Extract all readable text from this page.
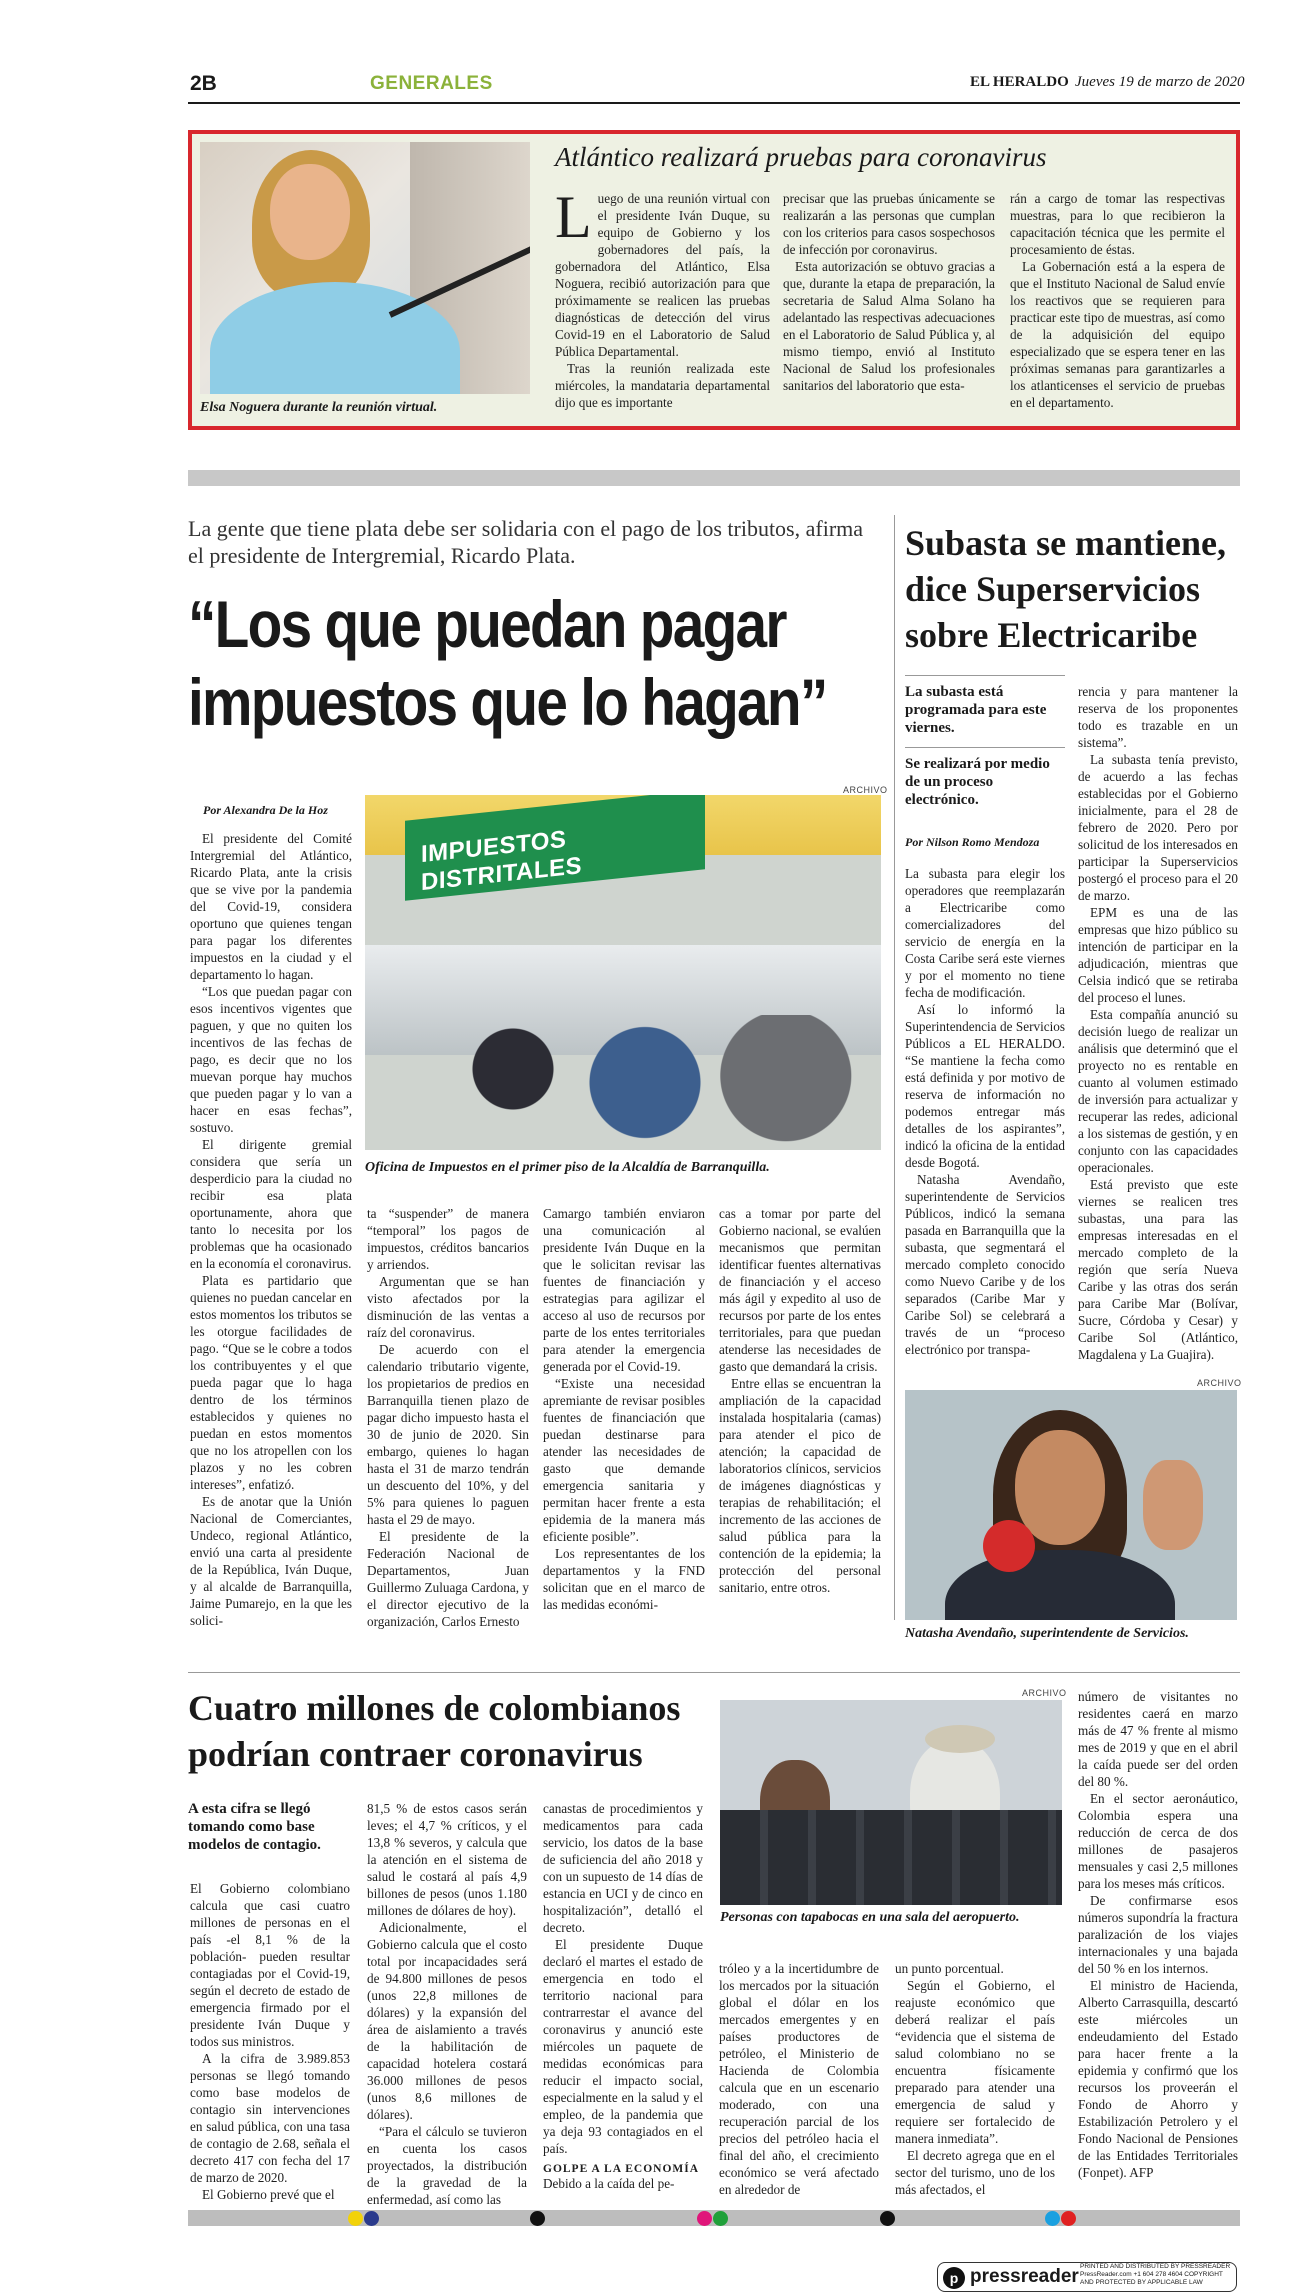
2B	GENERALES	EL HERALDO Jueves 19 de marzo de 2020
Elsa Noguera durante la reunión virtual.
Atlántico realizará pruebas para coronavirus
L uego de una reunión virtual con el presidente Iván Duque, su equipo de Gobierno y los gobernadores del país, la gobernadora del Atlántico, Elsa Noguera, recibió autorización para que próximamente se realicen las pruebas diagnósticas de detección del virus Covid-19 en el Laboratorio de Salud Pública Departamental.

Tras la reunión realizada este miércoles, la mandataria departamental dijo que es importante

precisar que las pruebas únicamente se realizarán a las personas que cumplan con los criterios para casos sospechosos de infección por coronavirus.

Esta autorización se obtuvo gracias a que, durante la etapa de preparación, la secretaria de Salud Alma Solano ha adelantado las respectivas adecuaciones en el Laboratorio de Salud Pública y, al mismo tiempo, envió al Instituto Nacional de Salud los profesionales sanitarios del laboratorio que esta-

rán a cargo de tomar las respectivas muestras, para lo que recibieron la capacitación técnica que les permite el procesamiento de éstas.

La Gobernación está a la espera de que el Instituto Nacional de Salud envíe los reactivos que se requieren para practicar este tipo de muestras, así como de la adquisición del equipo especializado que se espera tener en las próximas semanas para garantizarles a los atlanticenses el servicio de pruebas en el departamento.

La gente que tiene plata debe ser solidaria con el pago de los tributos, afirma el presidente de Intergremial, Ricardo Plata.
“Los que puedan pagar
impuestos que lo hagan”
ARCHIVO
Por Alexandra De la Hoz
IMPUESTOS DISTRITALES
Oficina de Impuestos en el primer piso de la Alcaldía de Barranquilla.

El presidente del Comité Intergremial del Atlántico, Ricardo Plata, ante la crisis que se vive por la pandemia del Covid-19, considera oportuno que quienes tengan para pagar los diferentes impuestos en la ciudad y el departamento lo hagan.

“Los que puedan pagar con esos incentivos vigentes que paguen, y que no quiten los incentivos de las fechas de pago, es decir que no los muevan porque hay muchos que pueden pagar y lo van a hacer en esas fechas”, sostuvo.

El dirigente gremial considera que sería un desperdicio para la ciudad no recibir esa plata oportunamente, ahora que tanto lo necesita por los problemas que ha ocasionado en la economía el coronavirus.

Plata es partidario que quienes no puedan cancelar en estos momentos los tributos se les otorgue facilidades de pago. “Que se le cobre a todos los contribuyentes y el que pueda pagar que lo haga dentro de los términos establecidos y quienes no puedan en estos momentos que no los atropellen con los plazos y no les cobren intereses”, enfatizó.

Es de anotar que la Unión Nacional de Comerciantes, Undeco, regional Atlántico, envió una carta al presidente de la República, Iván Duque, y al alcalde de Barranquilla, Jaime Pumarejo, en la que les solici-

ta “suspender” de manera “temporal” los pagos de impuestos, créditos bancarios y arriendos.

Argumentan que se han visto afectados por la disminución de las ventas a raíz del coronavirus.

De acuerdo con el calendario tributario vigente, los propietarios de predios en Barranquilla tienen plazo de pagar dicho impuesto hasta el 30 de junio de 2020. Sin embargo, quienes lo hagan hasta el 31 de marzo tendrán un descuento del 10%, y del 5% para quienes lo paguen hasta el 29 de mayo.

El presidente de la Federación Nacional de Departamentos, Juan Guillermo Zuluaga Cardona, y el director ejecutivo de la organización, Carlos Ernesto

Camargo también enviaron una comunicación al presidente Iván Duque en la que le solicitan revisar las fuentes de financiación y estrategias para agilizar el acceso al uso de recursos por parte de los entes territoriales para atender la emergencia generada por el Covid-19.

“Existe una necesidad apremiante de revisar posibles fuentes de financiación que puedan destinarse para atender las necesidades de gasto que demande emergencia sanitaria y permitan hacer frente a esta epidemia de la manera más eficiente posible”.

Los representantes de los departamentos y la FND solicitan que en el marco de las medidas económi-

cas a tomar por parte del Gobierno nacional, se evalúen mecanismos que permitan identificar fuentes alternativas de financiación y el acceso más ágil y expedito al uso de recursos por parte de los entes territoriales, para que puedan atenderse las necesidades de gasto que demandará la crisis.

Entre ellas se encuentran la ampliación de la capacidad instalada hospitalaria (camas) para atender el pico de atención; la capacidad de laboratorios clínicos, servicios de imágenes diagnósticas y terapias de rehabilitación; el incremento de las acciones de salud pública para la contención de la epidemia; la protección del personal sanitario, entre otros.

Subasta se mantiene, dice Superservicios sobre Electricaribe
La subasta está programada para este viernes.
Se realizará por medio de un proceso electrónico.
Por Nilson Romo Mendoza

La subasta para elegir los operadores que reemplazarán a Electricaribe como comercializadores del servicio de energía en la Costa Caribe será este viernes y por el momento no tiene fecha de modificación.

Así lo informó la Superintendencia de Servicios Públicos a EL HERALDO. “Se mantiene la fecha como está definida y por motivo de reserva de información no podemos entregar más detalles de los aspirantes”, indicó la oficina de la entidad desde Bogotá.

Natasha Avendaño, superintendente de Servicios Públicos, indicó la semana pasada en Barranquilla que la subasta, que segmentará el mercado completo conocido como Nuevo Caribe y de los separados (Caribe Mar y Caribe Sol) se celebrará a través de un “proceso electrónico por transpa-

rencia y para mantener la reserva de los proponentes todo es trazable en un sistema”.

La subasta tenía previsto, de acuerdo a las fechas establecidas por el Gobierno inicialmente, para el 28 de febrero de 2020. Pero por solicitud de los interesados en participar la Superservicios postergó el proceso para el 20 de marzo.

EPM es una de las empresas que hizo público su intención de participar en la adjudicación, mientras que Celsia indicó que se retiraba del proceso el lunes.

Esta compañía anunció su decisión luego de realizar un análisis que determinó que el proyecto no es rentable en cuanto al volumen estimado de inversión para actualizar y recuperar las redes, adicional a los sistemas de gestión, y en conjunto con las capacidades operacionales.

Está previsto que este viernes se realicen tres subastas, una para las empresas interesadas en el mercado completo de la región que sería Nueva Caribe y las otras dos serán para Caribe Mar (Bolívar, Sucre, Córdoba y Cesar) y Caribe Sol (Atlántico, Magdalena y La Guajira).

ARCHIVO
Natasha Avendaño, superintendente de Servicios.
Cuatro millones de colombianos podrían contraer coronavirus
A esta cifra se llegó tomando como base modelos de contagio.
ARCHIVO
Personas con tapabocas en una sala del aeropuerto.

El Gobierno colombiano calcula que casi cuatro millones de personas en el país -el 8,1 % de la población- pueden resultar contagiadas por el Covid-19, según el decreto de estado de emergencia firmado por el presidente Iván Duque y todos sus ministros.

A la cifra de 3.989.853 personas se llegó tomando como base modelos de contagio sin intervenciones en salud pública, con una tasa de contagio de 2.68, señala el decreto 417 con fecha del 17 de marzo de 2020.

El Gobierno prevé que el

81,5 % de estos casos serán leves; el 4,7 % críticos, y el 13,8 % severos, y calcula que la atención en el sistema de salud le costará al país 4,9 billones de pesos (unos 1.180 millones de dólares de hoy).

Adicionalmente, el Gobierno calcula que el costo total por incapacidades será de 94.800 millones de pesos (unos 22,8 millones de dólares) y la expansión del área de aislamiento a través de la habilitación de capacidad hotelera costará 36.000 millones de pesos (unos 8,6 millones de dólares).

“Para el cálculo se tuvieron en cuenta los casos proyectados, la distribución de la gravedad de la enfermedad, así como las

canastas de procedimientos y medicamentos para cada servicio, los datos de la base de suficiencia del año 2018 y con un supuesto de 14 días de estancia en UCI y de cinco en hospitalización”, detalló el decreto.

El presidente Duque declaró el martes el estado de emergencia en todo el territorio nacional para contrarrestar el avance del coronavirus y anunció este miércoles un paquete de medidas económicas para reducir el impacto social, especialmente en la salud y el empleo, de la pandemia que ya deja 93 contagiados en el país.

GOLPE A LA ECONOMÍA

Debido a la caída del pe-

tróleo y a la incertidumbre de los mercados por la situación global el dólar en los mercados emergentes y en países productores de petróleo, el Ministerio de Hacienda de Colombia calcula que en un escenario moderado, con una recuperación parcial de los precios del petróleo hacia el final del año, el crecimiento económico se verá afectado en alrededor de

un punto porcentual.

Según el Gobierno, el reajuste económico que deberá realizar el país “evidencia que el sistema de salud colombiano no se encuentra físicamente preparado para atender una emergencia de salud y requiere ser fortalecido de manera inmediata”.

El decreto agrega que en el sector del turismo, uno de los más afectados, el

número de visitantes no residentes caerá en marzo más de 47 % frente al mismo mes de 2019 y que en el abril la caída puede ser del orden del 80 %.

En el sector aeronáutico, Colombia espera una reducción de cerca de dos millones de pasajeros mensuales y casi 2,5 millones para los meses más críticos.

De confirmarse esos números supondría la fractura paralización de los viajes internacionales y una bajada del 50 % en los internos.

El ministro de Hacienda, Alberto Carrasquilla, descartó este miércoles un endeudamiento del Estado para hacer frente a la epidemia y confirmó que los recursos los proveerán el Fondo de Ahorro y Estabilización Petrolero y el Fondo Nacional de Pensiones de las Entidades Territoriales (Fonpet). AFP

p pressreader PRINTED AND DISTRIBUTED BY PRESSREADER PressReader.com +1 604 278 4604 COPYRIGHT AND PROTECTED BY APPLICABLE LAW
